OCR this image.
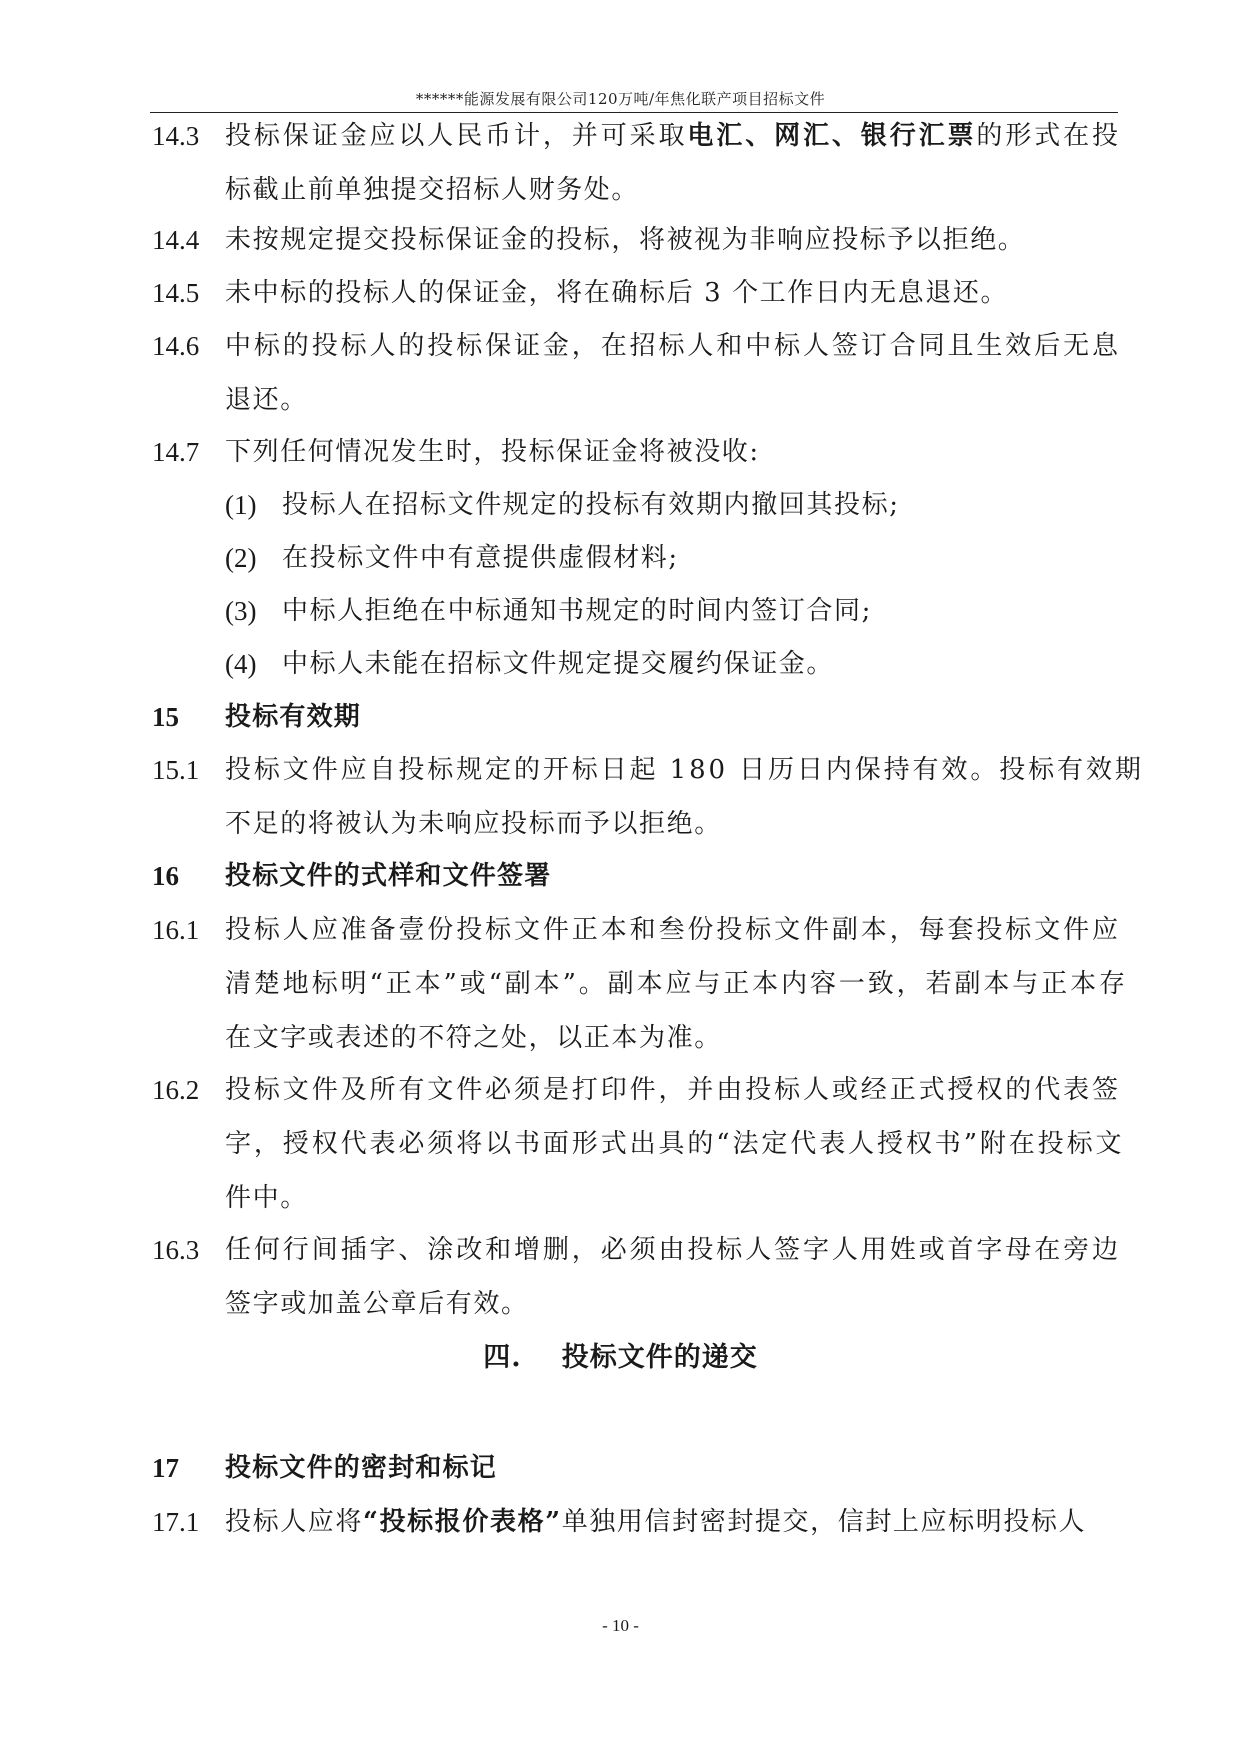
******能源发展有限公司120万吨/年焦化联产项目招标文件
14.3 投标保证金应以人民币计，并可采取电汇、网汇、银行汇票的形式在投
标截止前单独提交招标人财务处。
14.4 未按规定提交投标保证金的投标，将被视为非响应投标予以拒绝。
14.5 未中标的投标人的保证金，将在确标后 3 个工作日内无息退还。
14.6 中标的投标人的投标保证金，在招标人和中标人签订合同且生效后无息
退还。
14.7 下列任何情况发生时，投标保证金将被没收:
(1) 投标人在招标文件规定的投标有效期内撤回其投标;
(2) 在投标文件中有意提供虚假材料;
(3) 中标人拒绝在中标通知书规定的时间内签订合同;
(4) 中标人未能在招标文件规定提交履约保证金。
15 投标有效期
15.1 投标文件应自投标规定的开标日起 180 日历日内保持有效。投标有效期
不足的将被认为未响应投标而予以拒绝。
16 投标文件的式样和文件签署
16.1 投标人应准备壹份投标文件正本和叁份投标文件副本，每套投标文件应
清楚地标明“正本”或“副本”。副本应与正本内容一致，若副本与正本存
在文字或表述的不符之处，以正本为准。
16.2 投标文件及所有文件必须是打印件，并由投标人或经正式授权的代表签
字，授权代表必须将以书面形式出具的“法定代表人授权书”附在投标文
件中。
16.3 任何行间插字、涂改和增删，必须由投标人签字人用姓或首字母在旁边
签字或加盖公章后有效。
四. 投标文件的递交
17 投标文件的密封和标记
17.1 投标人应将“投标报价表格”单独用信封密封提交，信封上应标明投标人
- 10 -
